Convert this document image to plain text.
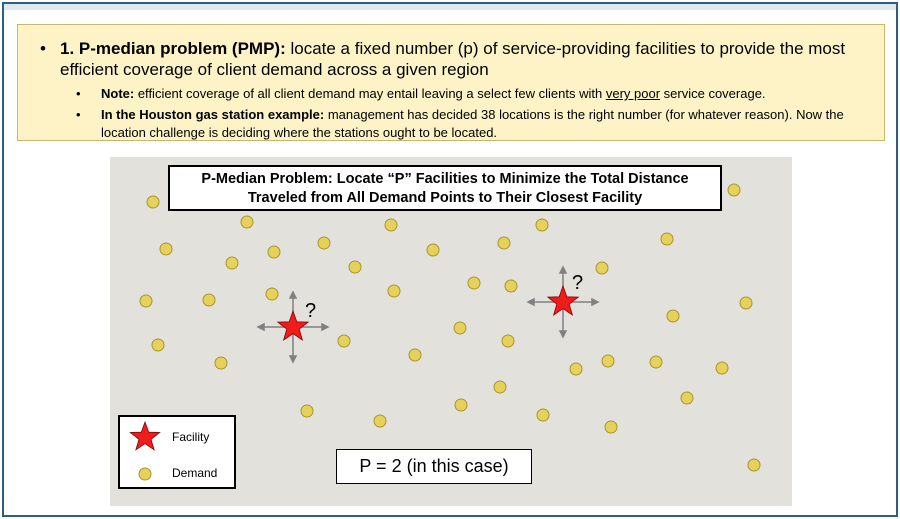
• 1. P-median problem (PMP): locate a fixed number (p) of service-providing facilities to provide the most efficient coverage of client demand across a given region
• Note: efficient coverage of all client demand may entail leaving a select few clients with very poor service coverage.
• In the Houston gas station example: management has decided 38 locations is the right number (for whatever reason). Now the location challenge is deciding where the stations ought to be located.
?
?
P-Median Problem: Locate “P” Facilities to Minimize the Total Distance
Traveled from All Demand Points to Their Closest Facility
Facility
Demand	P = 2 (in this case)
